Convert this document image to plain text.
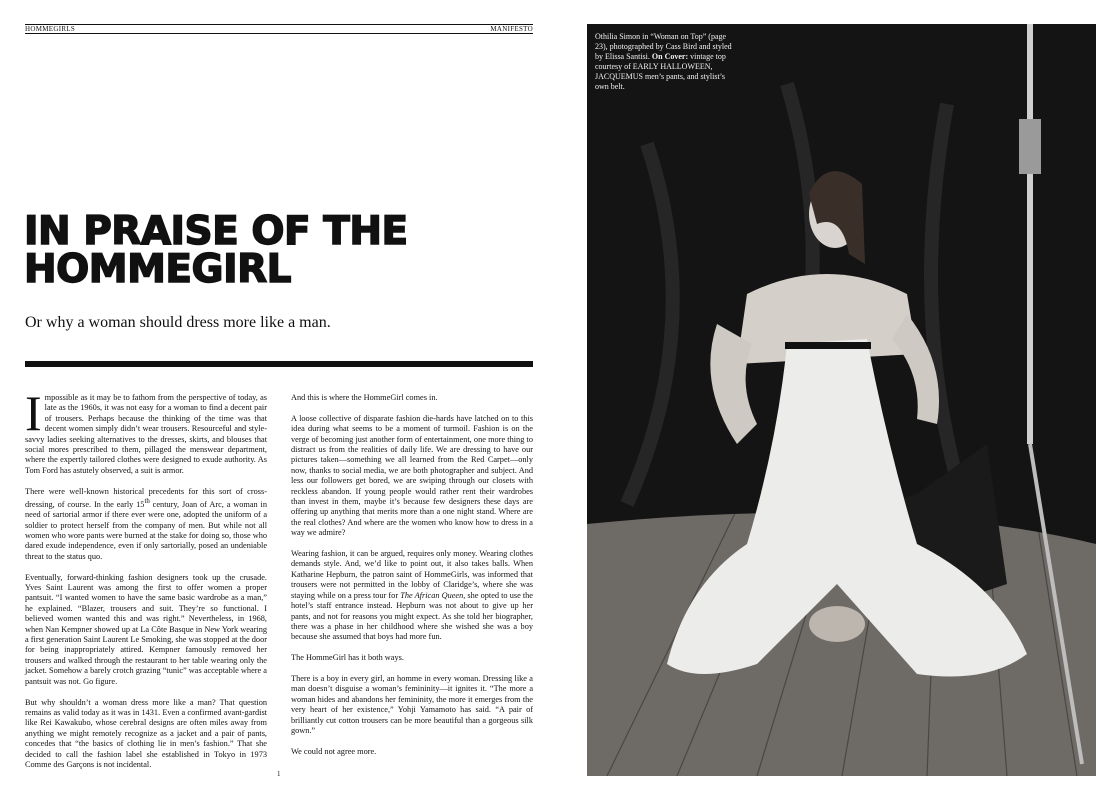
HOMMEGIRLS	MANIFESTO
IN PRAISE OF THE
HOMMEGIRL
Or why a woman should dress more like a man.

Impossible as it may be to fathom from the perspective of today, as late as the 1960s, it was not easy for a woman to find a decent pair of trousers. Perhaps because the thinking of the time was that decent women simply didn’t wear trousers. Resourceful and style-savvy ladies seeking alternatives to the dresses, skirts, and blouses that social mores prescribed to them, pillaged the menswear department, where the expertly tailored clothes were designed to exude authority. As Tom Ford has astutely observed, a suit is armor.

There were well-known historical precedents for this sort of cross-dressing, of course. In the early 15th century, Joan of Arc, a woman in need of sartorial armor if there ever were one, adopted the uniform of a soldier to protect herself from the company of men. But while not all women who wore pants were burned at the stake for doing so, those who dared exude independence, even if only sartorially, posed an undeniable threat to the status quo.

Eventually, forward-thinking fashion designers took up the crusade. Yves Saint Laurent was among the first to offer women a proper pantsuit. “I wanted women to have the same basic wardrobe as a man,” he explained. “Blazer, trousers and suit. They’re so functional. I believed women wanted this and was right.” Nevertheless, in 1968, when Nan Kempner showed up at La Côte Basque in New York wearing a first generation Saint Laurent Le Smoking, she was stopped at the door for being inappropriately attired. Kempner famously removed her trousers and walked through the restaurant to her table wearing only the jacket. Somehow a barely crotch grazing “tunic” was acceptable where a pantsuit was not. Go figure.

But why shouldn’t a woman dress more like a man? That question remains as valid today as it was in 1431. Even a confirmed avant-gardist like Rei Kawakubo, whose cerebral designs are often miles away from anything we might remotely recognize as a jacket and a pair of pants, concedes that “the basics of clothing lie in men’s fashion.” That she decided to call the fashion label she established in Tokyo in 1973 Comme des Garçons is not incidental.

And this is where the HommeGirl comes in.

A loose collective of disparate fashion die-hards have latched on to this idea during what seems to be a moment of turmoil. Fashion is on the verge of becoming just another form of entertainment, one more thing to distract us from the realities of daily life. We are dressing to have our pictures taken—something we all learned from the Red Carpet—only now, thanks to social media, we are both photographer and subject. And less our followers get bored, we are swiping through our closets with reckless abandon. If young people would rather rent their wardrobes than invest in them, maybe it’s because few designers these days are offering up anything that merits more than a one night stand. Where are the real clothes? And where are the women who know how to dress in a way we admire?

Wearing fashion, it can be argued, requires only money. Wearing clothes demands style. And, we’d like to point out, it also takes balls. When Katharine Hepburn, the patron saint of HommeGirls, was informed that trousers were not permitted in the lobby of Claridge’s, where she was staying while on a press tour for The African Queen, she opted to use the hotel’s staff entrance instead. Hepburn was not about to give up her pants, and not for reasons you might expect. As she told her biographer, there was a phase in her childhood where she wished she was a boy because she assumed that boys had more fun.

The HommeGirl has it both ways.

There is a boy in every girl, an homme in every woman. Dressing like a man doesn’t disguise a woman’s femininity—it ignites it. “The more a woman hides and abandons her femininity, the more it emerges from the very heart of her existence,” Yohji Yamamoto has said. “A pair of brilliantly cut cotton trousers can be more beautiful than a gorgeous silk gown.”

We could not agree more.

1
Othilia Simon in “Woman on Top” (page 23), photographed by Cass Bird and styled by Elissa Santisi. On Cover: vintage top courtesy of EARLY HALLOWEEN, JACQUEMUS men’s pants, and stylist’s own belt.
